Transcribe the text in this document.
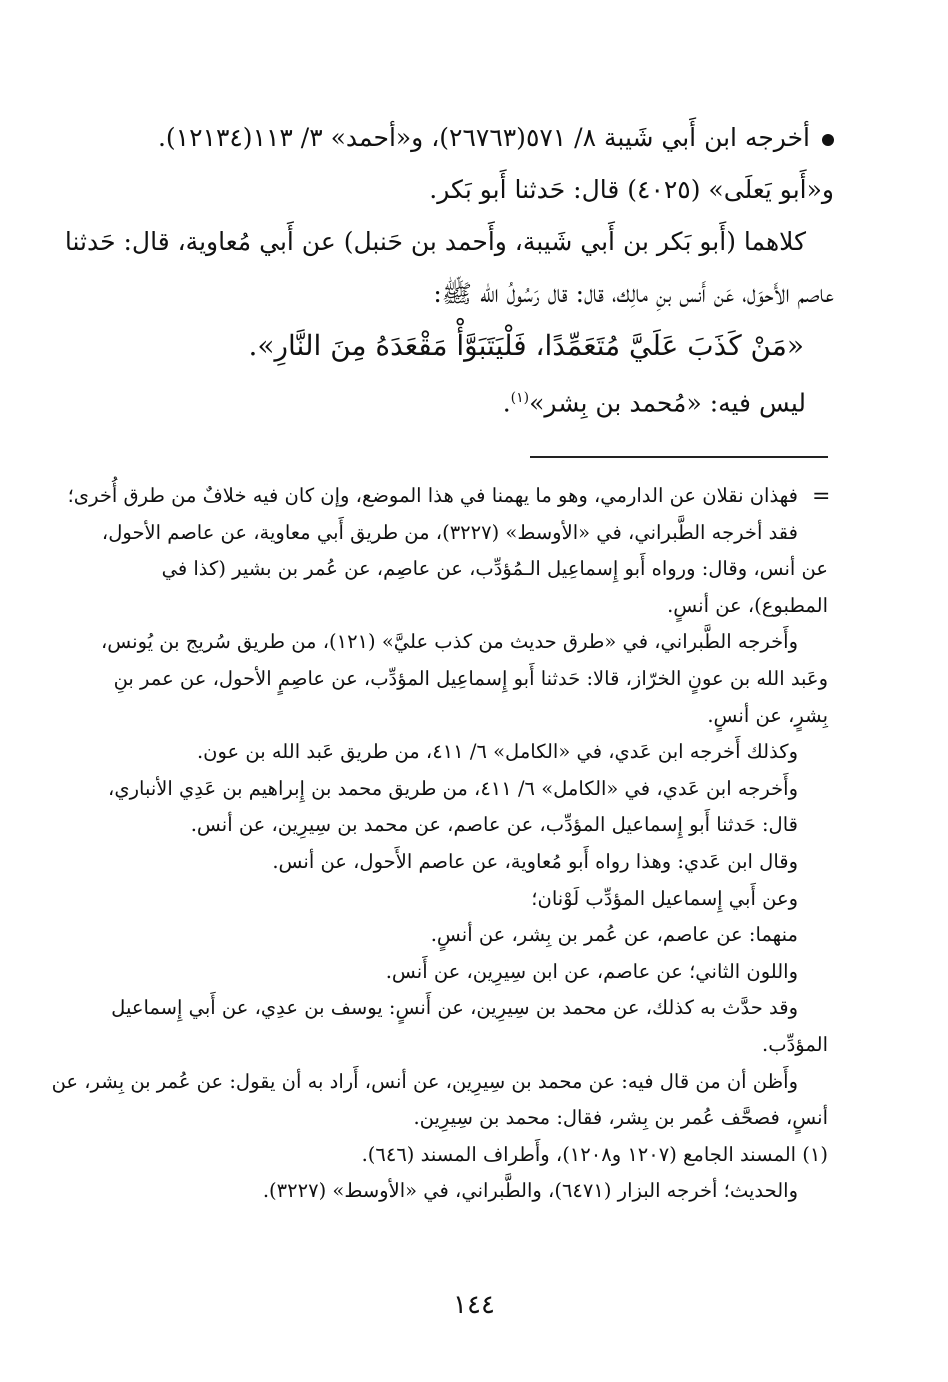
أخرجه ابن أَبي شَيبة ٨/ ٥٧١(٢٦٧٦٣)، و«أحمد» ٣/ ١١٣(١٢١٣٤).

و«أَبو يَعلَى» (٤٠٢٥) قال: حَدثنا أَبو بَكر.

كلاهما (أَبو بَكر بن أَبي شَيبة، وأَحمد بن حَنبل) عن أَبي مُعاوية، قال: حَدثنا

عاصم الأَحوَل، عَن أَنس بنِ مالِك، قال: قال رَسُولُ الله ﷺ:

«مَنْ كَذَبَ عَلَيَّ مُتَعَمِّدًا، فَلْيَتَبَوَّأْ مَقْعَدَهُ مِنَ النَّارِ».

ليس فيه: «مُحمد بن بِشر»$^{(١)}$.

=

فهذان نقلان عن الدارمي، وهو ما يهمنا في هذا الموضع، وإن كان فيه خلافٌ من طرق أُخرى؛

فقد أخرجه الطَّبراني، في «الأوسط» (٣٢٢٧)، من طريق أَبي معاوية، عن عاصم الأحول،

عن أنس، وقال: ورواه أَبو إِسماعِيل الـمُؤدِّب، عن عاصِم، عن عُمر بن بشير (كذا في

المطبوع)، عن أنسٍ.

وأَخرجه الطَّبراني، في «طرق حديث من كذب عليَّ» (١٢١)، من طريق سُريج بن يُونس،

وعَبد الله بن عونٍ الخرّاز، قالا: حَدثنا أَبو إِسماعِيل المؤدِّب، عن عاصِمٍ الأحول، عن عمر بنِ

بِشرٍ، عن أنسٍ.

وكذلك أَخرجه ابن عَدي، في «الكامل» ٦/ ٤١١، من طريق عَبد الله بن عون.

وأَخرجه ابن عَدي، في «الكامل» ٦/ ٤١١، من طريق محمد بن إِبراهيم بن عَدِي الأنباري،

قال: حَدثنا أَبو إِسماعيل المؤدِّب، عن عاصم، عن محمد بن سِيرِين، عن أنس.

وقال ابن عَدي: وهذا رواه أَبو مُعاوية، عن عاصم الأَحول، عن أنس.

وعن أَبي إِسماعيل المؤدِّب لَوْنان؛

منهما: عن عاصم، عن عُمر بن بِشر، عن أنسٍ.

واللون الثاني؛ عن عاصم، عن ابن سِيرِين، عن أَنس.

وقد حدَّث به كذلك، عن محمد بن سِيرِين، عن أَنسٍ: يوسف بن عدِي، عن أَبي إِسماعيل

المؤدِّب.

وأَظن أن من قال فيه: عن محمد بن سِيرِين، عن أنس، أَراد به أن يقول: عن عُمر بن بِشر، عن

أنسٍ، فصحَّف عُمر بن بِشر، فقال: محمد بن سِيرِين.

(١) المسند الجامع (١٢٠٧ و١٢٠٨)، وأَطراف المسند (٦٤٦).

والحديث؛ أخرجه البزار (٦٤٧١)، والطَّبراني، في «الأوسط» (٣٢٢٧).

١٤٤
